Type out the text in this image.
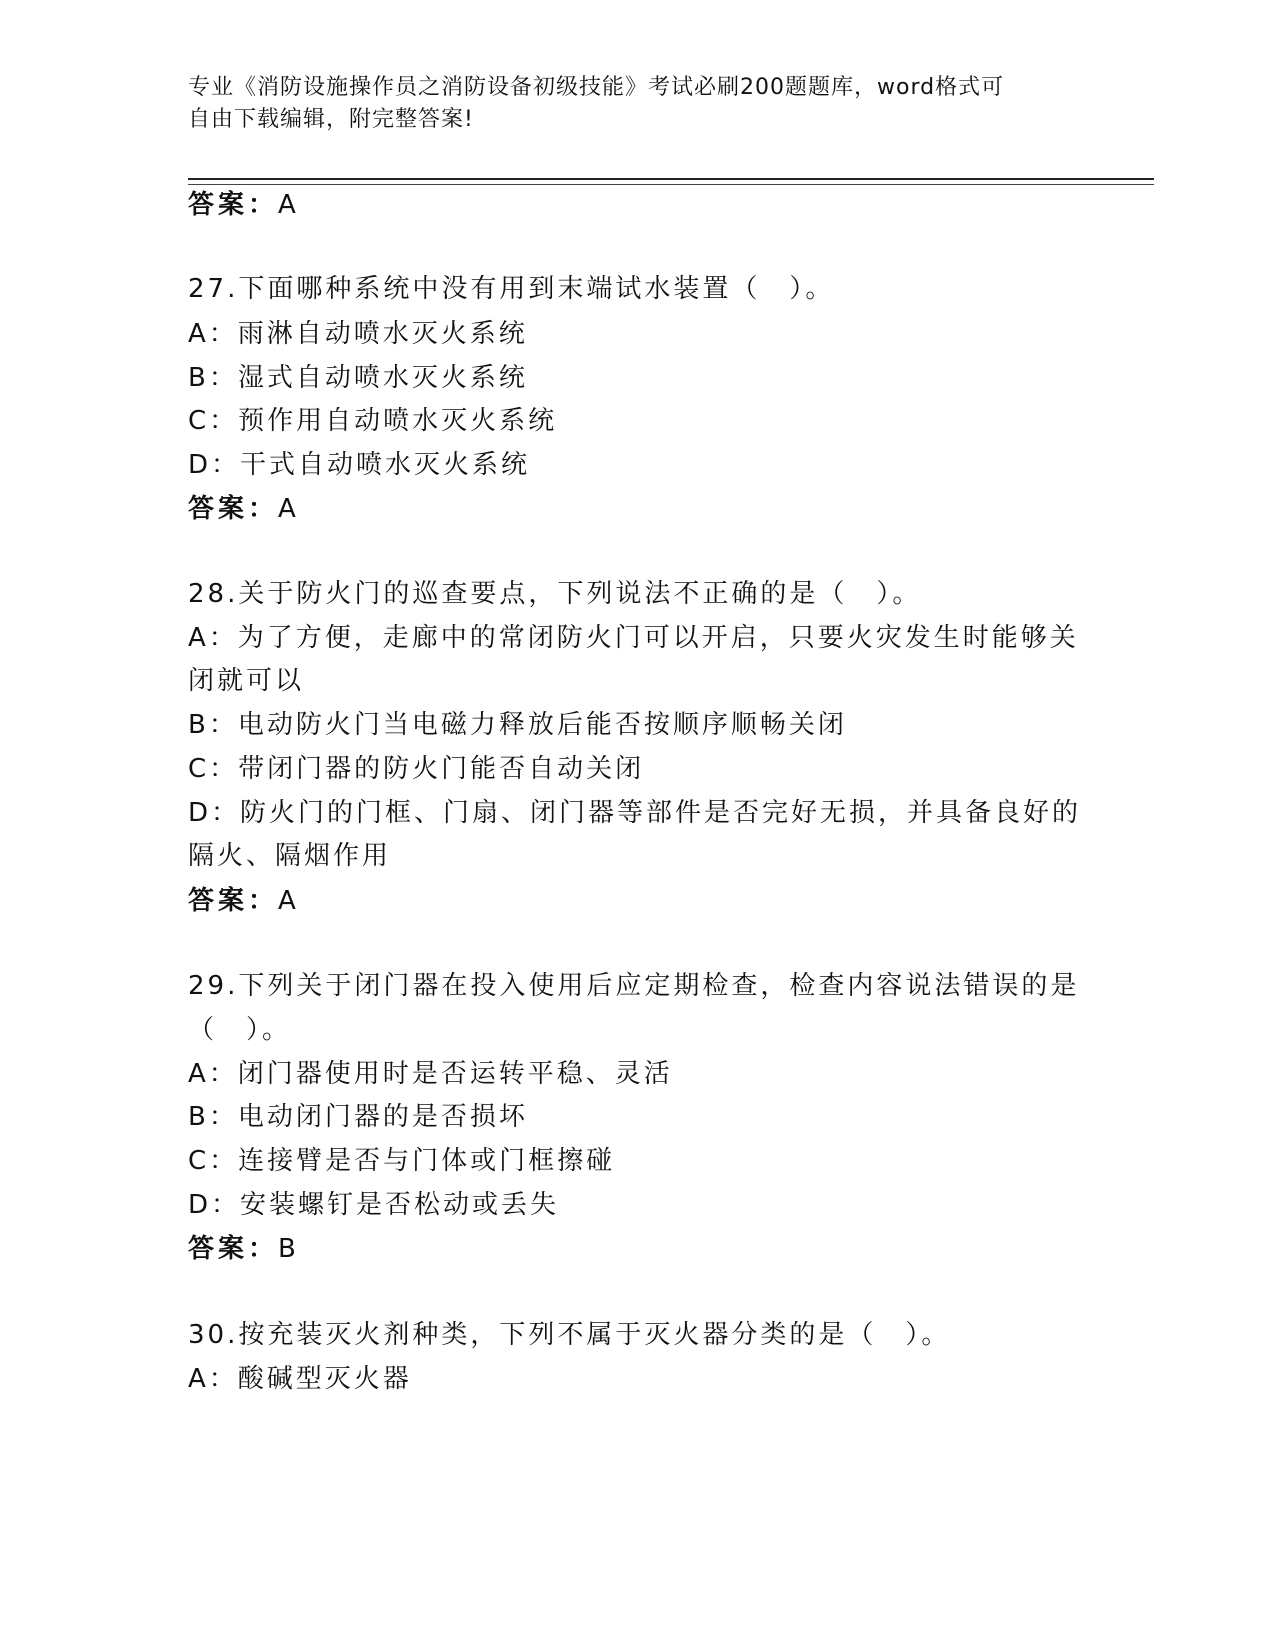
专业《消防设施操作员之消防设备初级技能》考试必刷200题题库，word格式可
自由下载编辑，附完整答案!
答案：A
27.下面哪种系统中没有用到末端试水装置（　）。
A：雨淋自动喷水灭火系统
B：湿式自动喷水灭火系统
C：预作用自动喷水灭火系统
D：干式自动喷水灭火系统
答案：A
28.关于防火门的巡查要点，下列说法不正确的是（　）。
A：为了方便，走廊中的常闭防火门可以开启，只要火灾发生时能够关
闭就可以
B：电动防火门当电磁力释放后能否按顺序顺畅关闭
C：带闭门器的防火门能否自动关闭
D：防火门的门框、门扇、闭门器等部件是否完好无损，并具备良好的
隔火、隔烟作用
答案：A
29.下列关于闭门器在投入使用后应定期检查，检查内容说法错误的是
（　）。
A：闭门器使用时是否运转平稳、灵活
B：电动闭门器的是否损坏
C：连接臂是否与门体或门框擦碰
D：安装螺钉是否松动或丢失
答案：B
30.按充装灭火剂种类，下列不属于灭火器分类的是（　）。
A：酸碱型灭火器
